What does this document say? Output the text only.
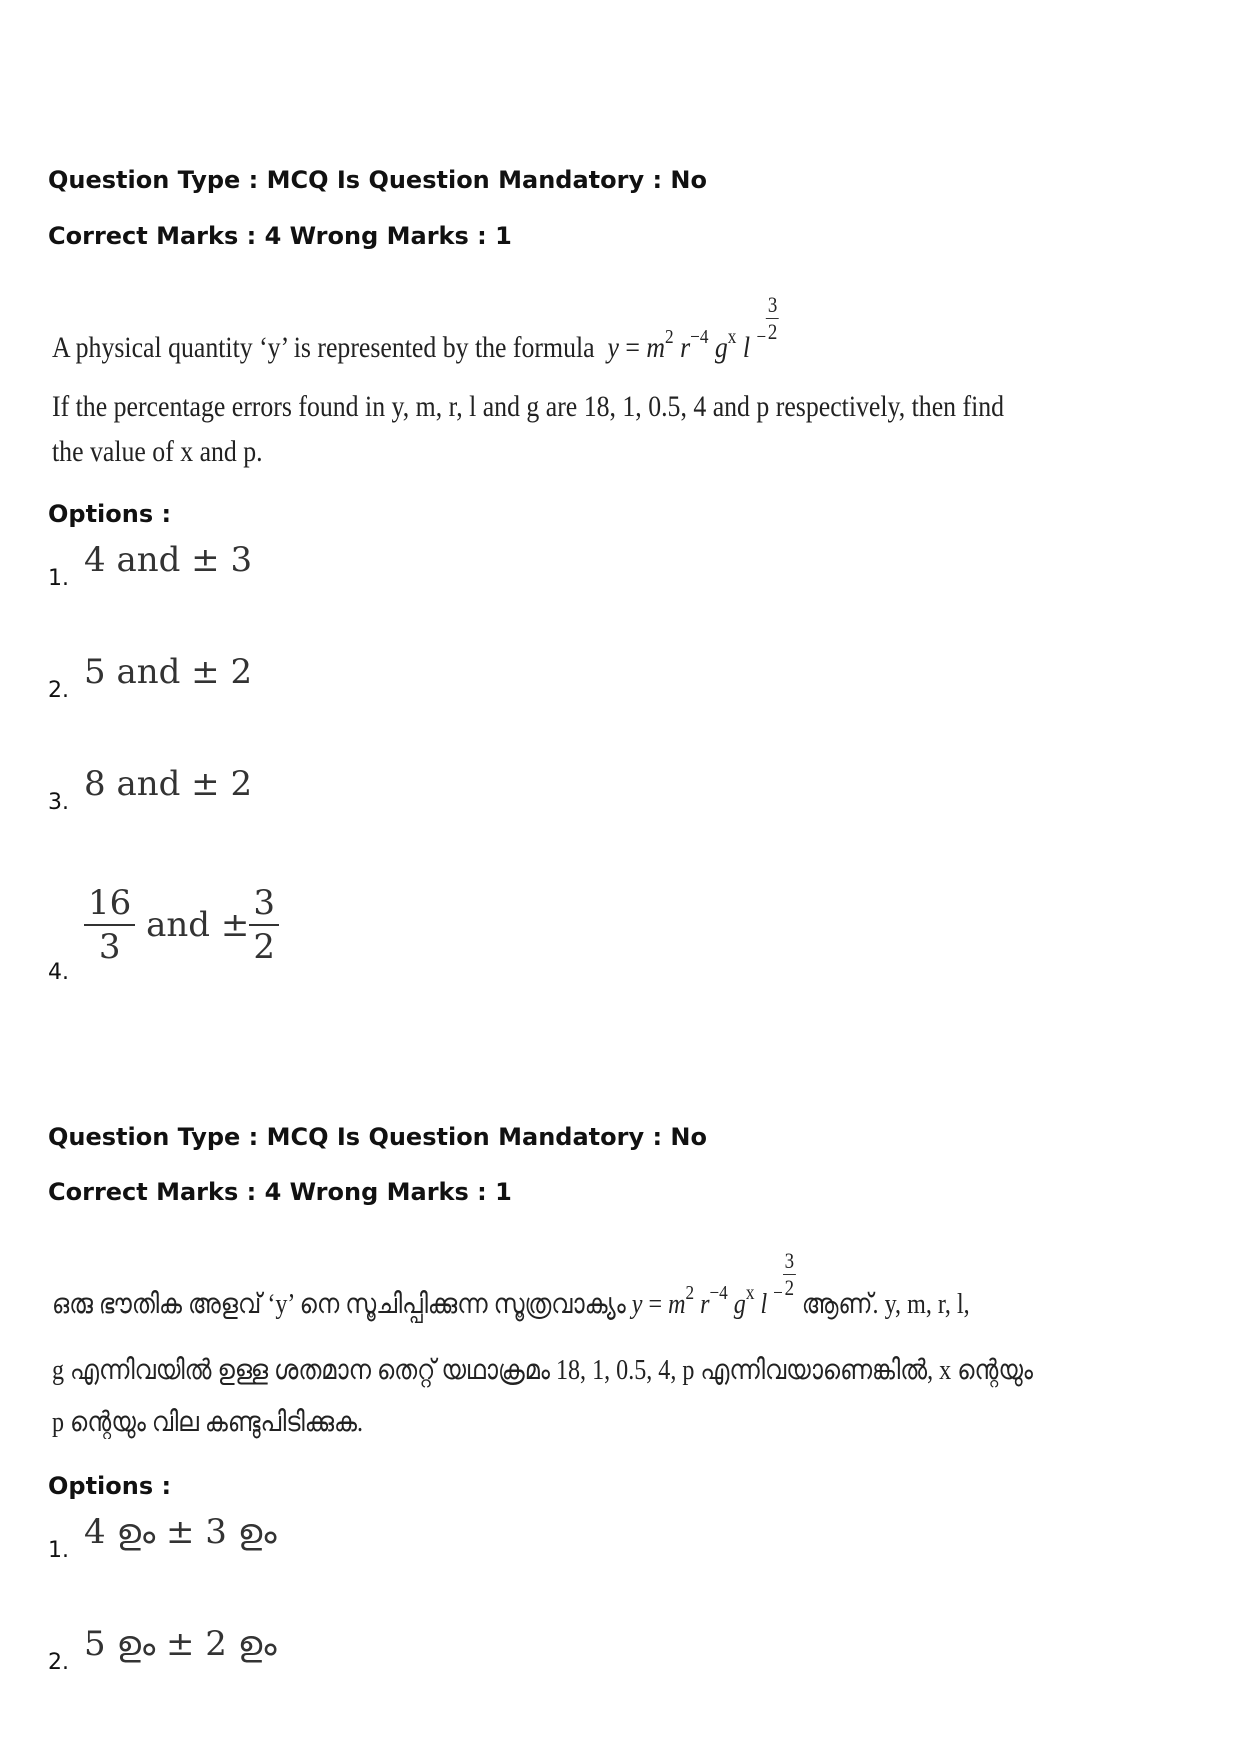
Question Type : MCQ Is Question Mandatory : No
Correct Marks : 4 Wrong Marks : 1
A physical quantity ‘y’ is represented by the formula $y = m^2$ $r^{-4}$ $g^x$ l $^- \frac{3}{2}$
If the percentage errors found in y, m, r, l and g are 18, 1, 0.5, 4 and p respectively, then find
the value of x and p.
Options :
1. 4 and ± 3
2. 5 and ± 2
3. 8 and ± 2
4.
$\frac{16}{3}$ and ± $\frac{3}{2}$
Question Type : MCQ Is Question Mandatory : No
Correct Marks : 4 Wrong Marks : 1
ഒരു ഭൗതിക അളവ് ‘y’ നെ സൂചിപ്പിക്കുന്ന സൂത്രവാക്യം $y = m^2$ $r^{-4}$ $g^x$ l $^- \frac{3}{2}$
ആണ്. y, m, r, l,
g എന്നിവയിൽ ഉള്ള ശതമാന തെറ്റ് യഥാക്രമം 18, 1, 0.5, 4, p എന്നിവയാണെങ്കിൽ, x ന്റെയും
p ന്റെയും വില കണ്ടുപിടിക്കുക.
Options :
1. 4 ഉം ± 3 ഉം
2. 5 ഉം ± 2 ഉം
